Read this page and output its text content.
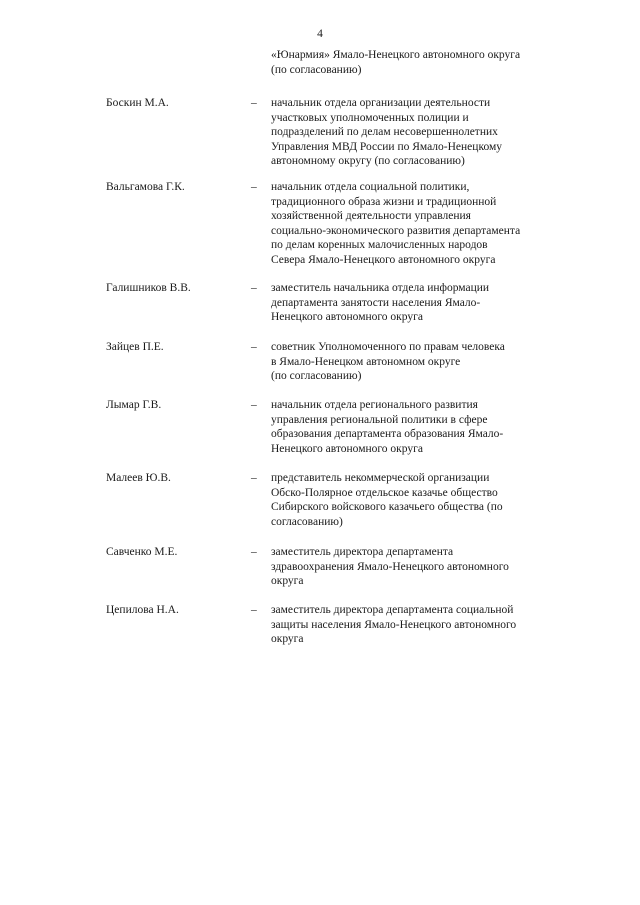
4
«Юнармия» Ямало-Ненецкого автономного округа
(по согласованию)
Боскин М.А.	– начальник отдела организации деятельности
участковых уполномоченных полиции и
подразделений по делам несовершеннолетних
Управления МВД России по Ямало-Ненецкому
автономному округу (по согласованию)
Вальгамова Г.К.	– начальник отдела социальной политики,
традиционного образа жизни и традиционной
хозяйственной деятельности управления
социально-экономического развития департамента
по делам коренных малочисленных народов
Севера Ямало-Ненецкого автономного округа
Галишников В.В.	– заместитель начальника отдела информации
департамента занятости населения Ямало-
Ненецкого автономного округа
Зайцев П.Е.	– советник Уполномоченного по правам человека
в Ямало-Ненецком автономном округе
(по согласованию)
Лымар Г.В.	– начальник отдела регионального развития
управления региональной политики в сфере
образования департамента образования Ямало-
Ненецкого автономного округа
Малеев Ю.В.	– представитель некоммерческой организации
Обско-Полярное отдельское казачье общество
Сибирского войскового казачьего общества (по
согласованию)
Савченко М.Е.	– заместитель директора департамента
здравоохранения Ямало-Ненецкого автономного
округа
Цепилова Н.А.	– заместитель директора департамента социальной
защиты населения Ямало-Ненецкого автономного
округа
